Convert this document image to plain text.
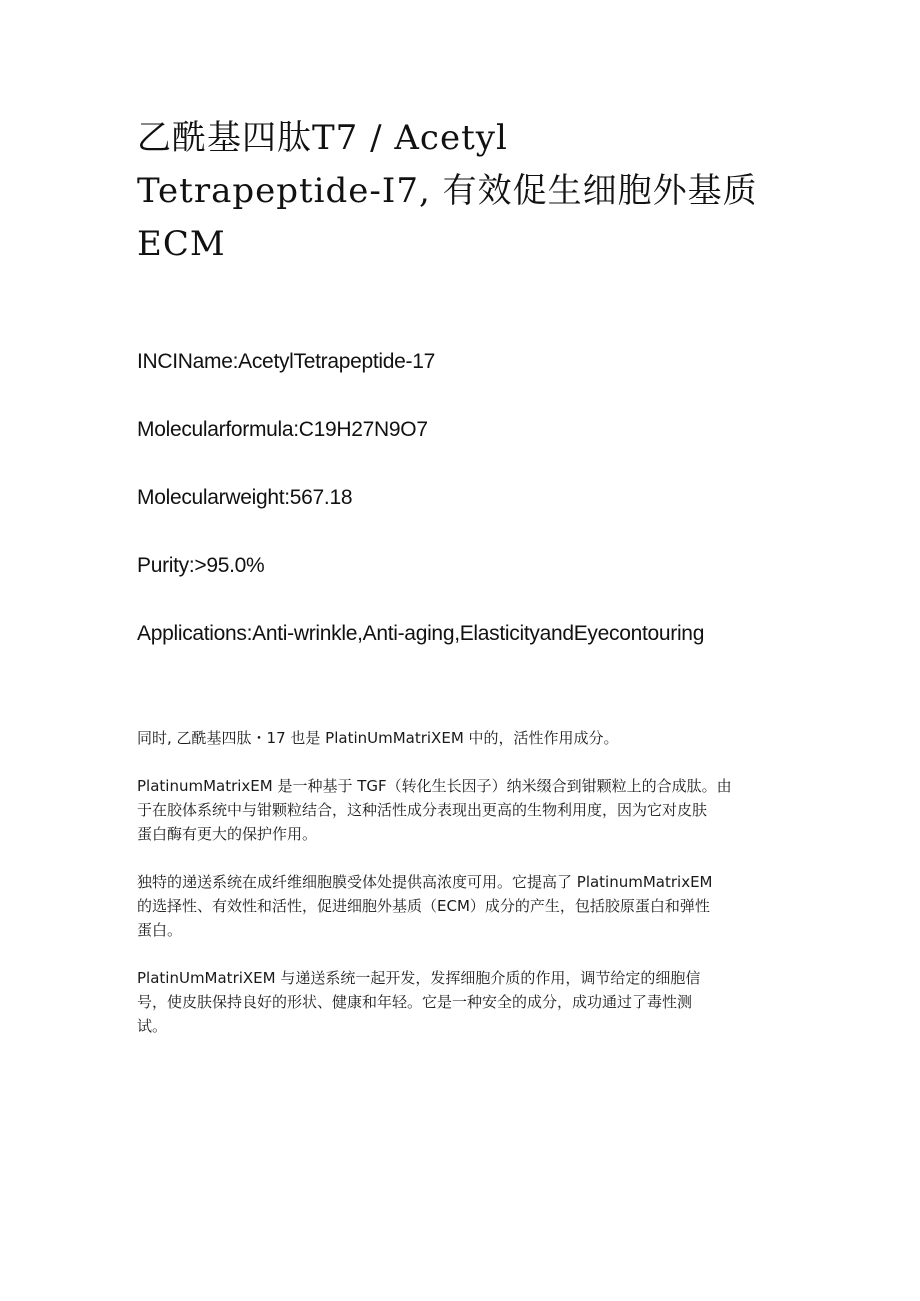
乙酰基四肽T7 / Acetyl
Tetrapeptide-I7, 有效促生细胞外基质
ECM
INCIName:AcetylTetrapeptide-17
Molecularformula:C19H27N9O7
Molecularweight:567.18
Purity:>95.0%
Applications:Anti-wrinkle,Anti-aging,ElasticityandEyecontouring

同时, 乙酰基四肽・17 也是 PlatinUmMatriXEM 中的，活性作用成分。

PlatinumMatrixEM 是一种基于 TGF（转化生长因子）纳米缀合到钳颗粒上的合成肽。由
于在胶体系统中与钳颗粒结合，这种活性成分表现出更高的生物利用度，因为它对皮肤
蛋白酶有更大的保护作用。

独特的递送系统在成纤维细胞膜受体处提供高浓度可用。它提高了 PlatinumMatrixEM
的选择性、有效性和活性，促进细胞外基质（ECM）成分的产生，包括胶原蛋白和弹性
蛋白。

PlatinUmMatriXEM 与递送系统一起开发，发挥细胞介质的作用，调节给定的细胞信
号，使皮肤保持良好的形状、健康和年轻。它是一种安全的成分，成功通过了毒性测
试。
